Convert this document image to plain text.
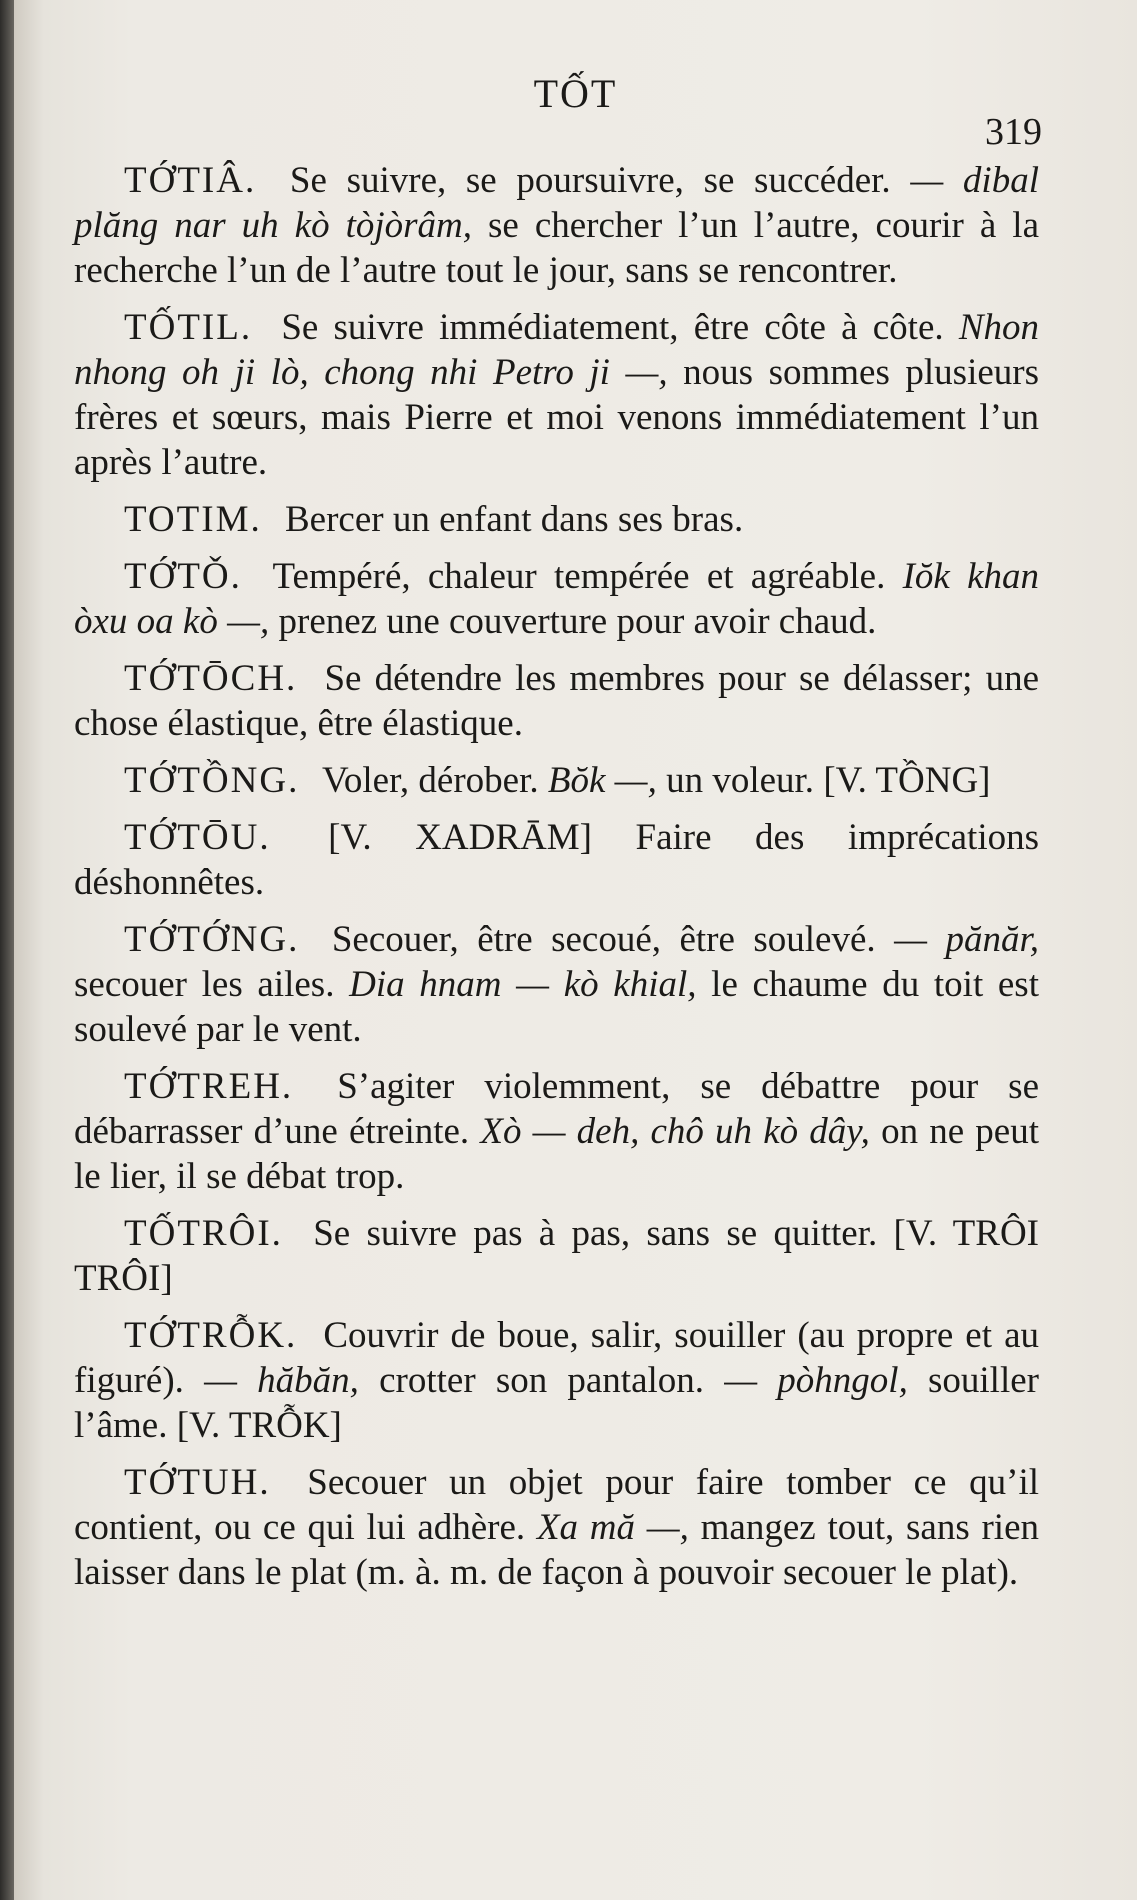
TỐT
319

TỚTIÂ. Se suivre, se poursuivre, se succéder. — dibal plăng nar uh kò tòjòrâm, se chercher l’un l’autre, courir à la recherche l’un de l’autre tout le jour, sans se rencontrer.

TỐTIL. Se suivre immédiatement, être côte à côte. Nhon nhong oh ji lò, chong nhi Petro ji —, nous sommes plusieurs frères et sœurs, mais Pierre et moi venons immédiatement l’un après l’autre.

TOTIM. Bercer un enfant dans ses bras.

TỚTǑ. Tempéré, chaleur tempérée et agréable. Iŏk khan òxu oa kò —, prenez une couverture pour avoir chaud.

TỚTŌCH. Se détendre les membres pour se délasser; une chose élastique, être élastique.

TỚTỒNG. Voler, dérober. Bŏk —, un voleur. [V. TỒNG]

TỚTŌU. [V. XADRĀM] Faire des imprécations déshonnêtes.

TỚTỚNG. Secouer, être secoué, être soulevé. — pănăr, secouer les ailes. Dia hnam — kò khial, le chaume du toit est soulevé par le vent.

TỚTREH. S’agiter violemment, se débattre pour se débarrasser d’une étreinte. Xò — deh, chô uh kò dây, on ne peut le lier, il se débat trop.

TỐTRÔI. Se suivre pas à pas, sans se quitter. [V. TRÔI TRÔI]

TỚTRỖK. Couvrir de boue, salir, souiller (au propre et au figuré). — hăbăn, crotter son pantalon. — pòhngol, souiller l’âme. [V. TRỖK]

TỚTUH. Secouer un objet pour faire tomber ce qu’il contient, ou ce qui lui adhère. Xa mă —, mangez tout, sans rien laisser dans le plat (m. à. m. de façon à pouvoir secouer le plat).
